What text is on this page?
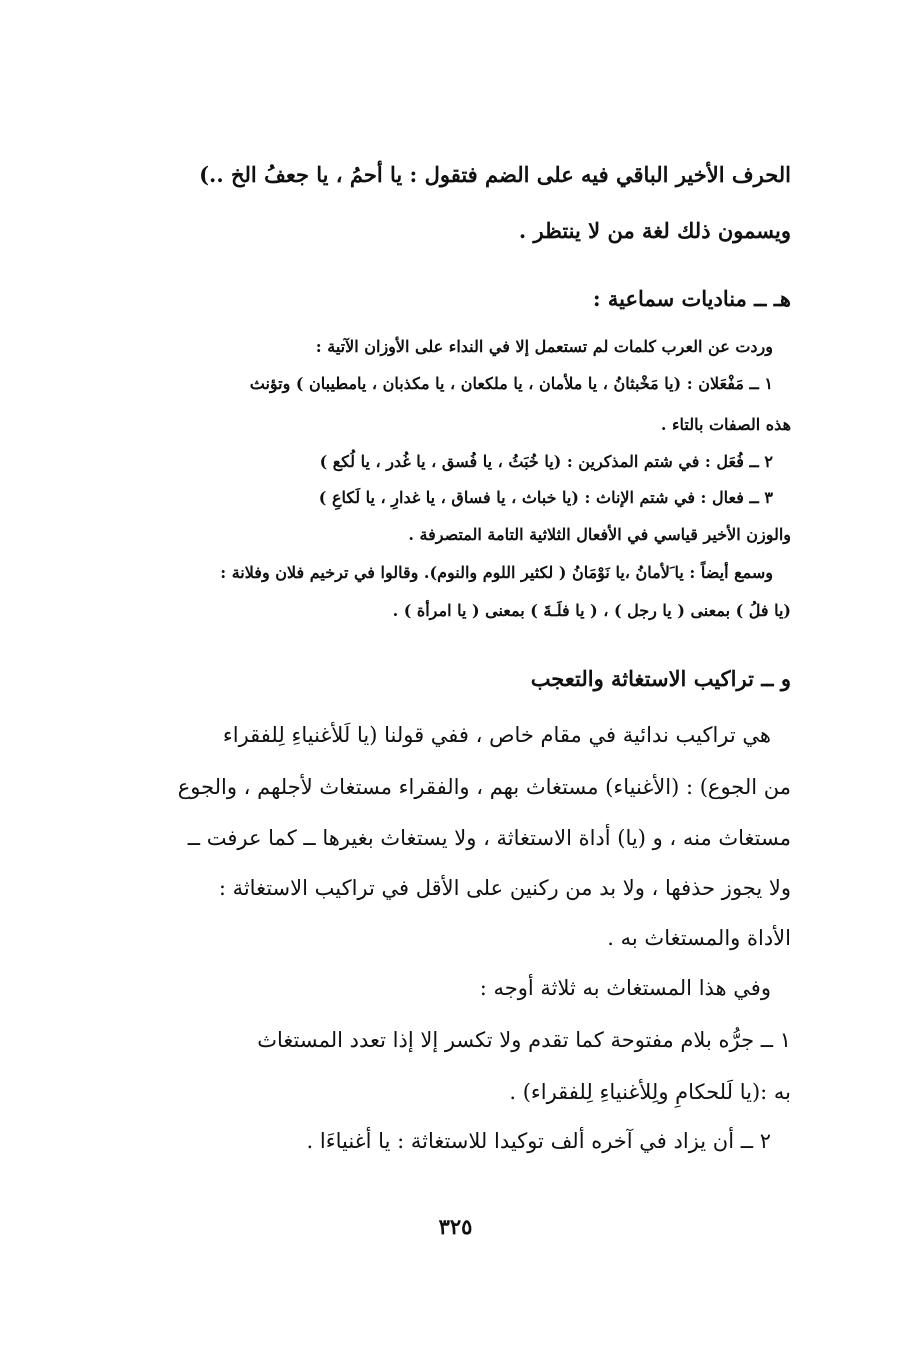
الحرف الأخير الباقي فيه على الضم فتقول : يا أحمُ ، يا جعفُ الخ ..)

ويسمون ذلك لغة من لا ينتظر .

هـ ــ مناديات سماعية :

وردت عن العرب كلمات لم تستعمل إلا في النداء على الأوزان الآتية :

١ ــ مَفْعَلان : (يا مَخْبثانُ ، يا ملأمان ، يا ملكعان ، يا مكذبان ، يامطيبان ) وتؤنث

هذه الصفات بالتاء .

٢ ــ فُعَل : في شتم المذكرين : (يا خُبَثُ ، يا فُسق ، يا غُدر ، يا لُكع )

٣ ــ فعال : في شتم الإناث : (يا خباث ، يا فساق ، يا غدارِ ، يا لَكاعِ )

والوزن الأخير قياسي في الأفعال الثلاثية التامة المتصرفة .

وسمع أيضاً : يا َلأمانُ ،يا نَوْمَانُ ( لكثير اللوم والنوم). وقالوا في ترخيم فلان وفلانة :

(يا فلُ ) بمعنى ( يا رجل ) ، ( يا فلَـةَ ) بمعنى ( يا امرأة ) .

و ــ تراكيب الاستغاثة والتعجب

هي تراكيب ندائية في مقام خاص ، ففي قولنا (يا لَلأغنياءِ لِلفقراء

من الجوع) : (الأغنياء) مستغاث بهم ، والفقراء مستغاث لأجلهم ، والجوع

مستغاث منه ، و (يا) أداة الاستغاثة ، ولا يستغاث بغيرها ــ كما عرفت ــ

ولا يجوز حذفها ، ولا بد من ركنين على الأقل في تراكيب الاستغاثة :

الأداة والمستغاث به .

وفي هذا المستغاث به ثلاثة أوجه :

١ ــ جرُّه بلام مفتوحة كما تقدم ولا تكسر إلا إذا تعدد المستغاث

به :(يا لَلحكامِ ولِلأغنياءِ لِلفقراء) .

٢ ــ أن يزاد في آخره ألف توكيدا للاستغاثة : يا أغنياءَا .

٣٢٥
